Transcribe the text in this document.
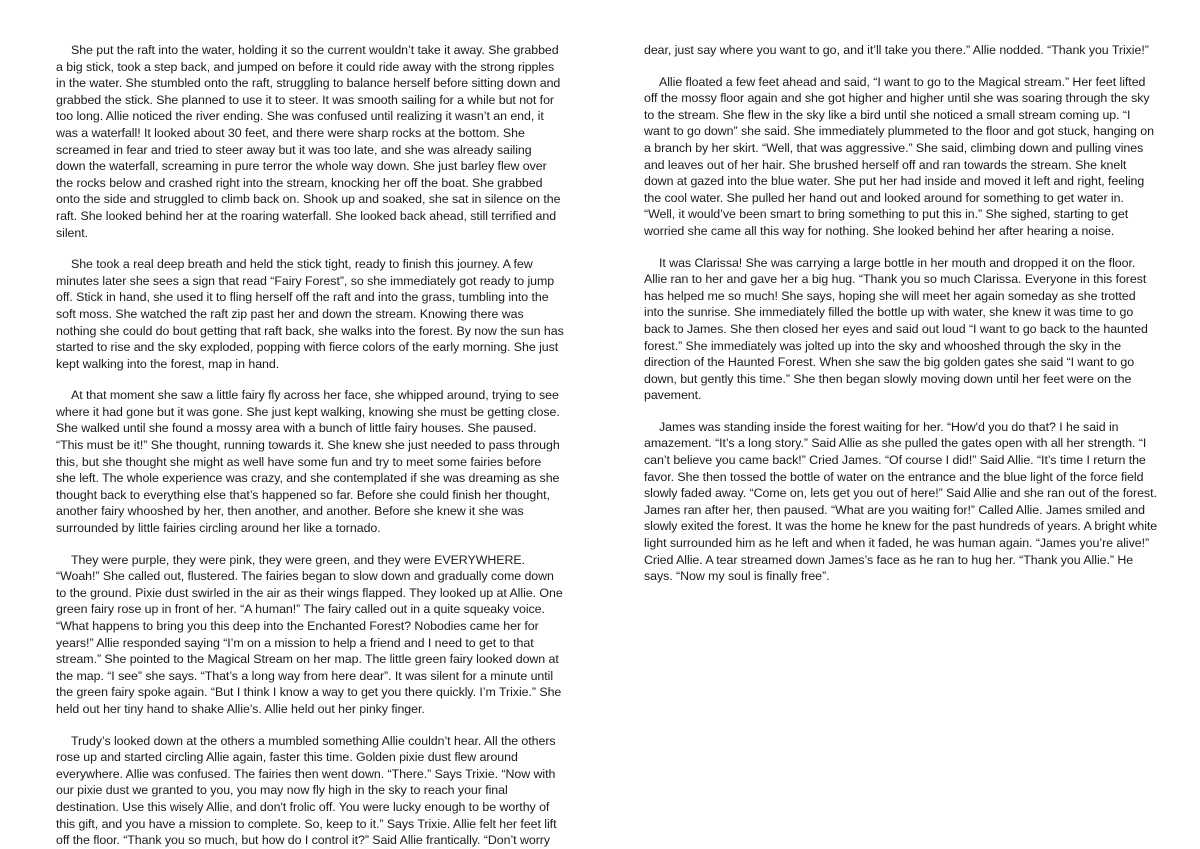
She put the raft into the water, holding it so the current wouldn’t take it away. She grabbed a big stick, took a step back, and jumped on before it could ride away with the strong ripples in the water. She stumbled onto the raft, struggling to balance herself before sitting down and grabbed the stick. She planned to use it to steer. It was smooth sailing for a while but not for too long. Allie noticed the river ending. She was confused until realizing it wasn’t an end, it was a waterfall! It looked about 30 feet, and there were sharp rocks at the bottom. She screamed in fear and tried to steer away but it was too late, and she was already sailing down the waterfall, screaming in pure terror the whole way down. She just barley flew over the rocks below and crashed right into the stream, knocking her off the boat. She grabbed onto the side and struggled to climb back on. Shook up and soaked, she sat in silence on the raft. She looked behind her at the roaring waterfall. She looked back ahead, still terrified and silent.

She took a real deep breath and held the stick tight, ready to finish this journey. A few minutes later she sees a sign that read “Fairy Forest”, so she immediately got ready to jump off. Stick in hand, she used it to fling herself off the raft and into the grass, tumbling into the soft moss. She watched the raft zip past her and down the stream. Knowing there was nothing she could do bout getting that raft back, she walks into the forest. By now the sun has started to rise and the sky exploded, popping with fierce colors of the early morning. She just kept walking into the forest, map in hand.

At that moment she saw a little fairy fly across her face, she whipped around, trying to see where it had gone but it was gone. She just kept walking, knowing she must be getting close. She walked until she found a mossy area with a bunch of little fairy houses. She paused. “This must be it!” She thought, running towards it. She knew she just needed to pass through this, but she thought she might as well have some fun and try to meet some fairies before she left. The whole experience was crazy, and she contemplated if she was dreaming as she thought back to everything else that’s happened so far. Before she could finish her thought, another fairy whooshed by her, then another, and another. Before she knew it she was surrounded by little fairies circling around her like a tornado.

They were purple, they were pink, they were green, and they were EVERYWHERE. “Woah!” She called out, flustered. The fairies began to slow down and gradually come down to the ground. Pixie dust swirled in the air as their wings flapped. They looked up at Allie. One green fairy rose up in front of her. “A human!” The fairy called out in a quite squeaky voice. “What happens to bring you this deep into the Enchanted Forest? Nobodies came her for years!” Allie responded saying “I’m on a mission to help a friend and I need to get to that stream.” She pointed to the Magical Stream on her map. The little green fairy looked down at the map. “I see” she says. “That’s a long way from here dear”. It was silent for a minute until the green fairy spoke again. “But I think I know a way to get you there quickly. I’m Trixie.” She held out her tiny hand to shake Allie’s. Allie held out her pinky finger.

Trudy’s looked down at the others a mumbled something Allie couldn’t hear. All the others rose up and started circling Allie again, faster this time. Golden pixie dust flew around everywhere. Allie was confused. The fairies then went down. “There.” Says Trixie. “Now with our pixie dust we granted to you, you may now fly high in the sky to reach your final destination. Use this wisely Allie, and don't frolic off. You were lucky enough to be worthy of this gift, and you have a mission to complete. So, keep to it.” Says Trixie. Allie felt her feet lift off the floor. “Thank you so much, but how do I control it?” Said Allie frantically. “Don’t worry

dear, just say where you want to go, and it’ll take you there.” Allie nodded. “Thank you Trixie!”

Allie floated a few feet ahead and said, “I want to go to the Magical stream.” Her feet lifted off the mossy floor again and she got higher and higher until she was soaring through the sky to the stream. She flew in the sky like a bird until she noticed a small stream coming up. “I want to go down” she said. She immediately plummeted to the floor and got stuck, hanging on a branch by her skirt. “Well, that was aggressive.” She said, climbing down and pulling vines and leaves out of her hair. She brushed herself off and ran towards the stream. She knelt down at gazed into the blue water. She put her had inside and moved it left and right, feeling the cool water. She pulled her hand out and looked around for something to get water in. “Well, it would’ve been smart to bring something to put this in.” She sighed, starting to get worried she came all this way for nothing. She looked behind her after hearing a noise.

It was Clarissa! She was carrying a large bottle in her mouth and dropped it on the floor. Allie ran to her and gave her a big hug. “Thank you so much Clarissa. Everyone in this forest has helped me so much! She says, hoping she will meet her again someday as she trotted into the sunrise. She immediately filled the bottle up with water, she knew it was time to go back to James. She then closed her eyes and said out loud “I want to go back to the haunted forest.” She immediately was jolted up into the sky and whooshed through the sky in the direction of the Haunted Forest. When she saw the big golden gates she said “I want to go down, but gently this time.” She then began slowly moving down until her feet were on the pavement.

James was standing inside the forest waiting for her. “How'd you do that? I he said in amazement. “It’s a long story.” Said Allie as she pulled the gates open with all her strength. “I can’t believe you came back!” Cried James. “Of course I did!” Said Allie. “It’s time I return the favor. She then tossed the bottle of water on the entrance and the blue light of the force field slowly faded away. “Come on, lets get you out of here!” Said Allie and she ran out of the forest. James ran after her, then paused. “What are you waiting for!” Called Allie. James smiled and slowly exited the forest. It was the home he knew for the past hundreds of years. A bright white light surrounded him as he left and when it faded, he was human again. “James you’re alive!” Cried Allie. A tear streamed down James’s face as he ran to hug her. “Thank you Allie.” He says. “Now my soul is finally free”.
